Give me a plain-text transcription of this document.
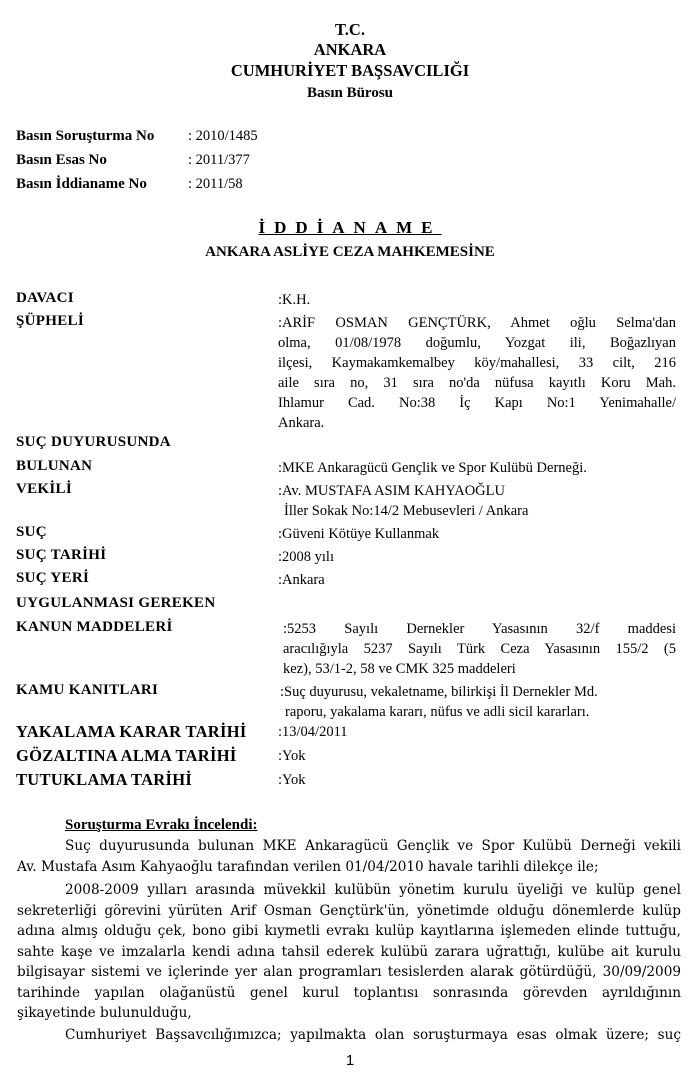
T.C.
ANKARA
CUMHURİYET BAŞSAVCILIĞI
Basın Bürosu
Basın Soruşturma No : 2010/1485
Basın Esas No	: 2011/377
Basın İddianame No	: 2011/58
İDDİANAME
ANKARA ASLİYE CEZA MAHKEMESİNE
DAVACI	:K.H.
ŞÜPHELİ	:ARİF OSMAN GENÇTÜRK, Ahmet oğlu Selma'dan
olma, 01/08/1978 doğumlu, Yozgat ili, Boğazlıyan
ilçesi, Kaymakamkemalbey köy/mahallesi, 33 cilt, 216
aile sıra no, 31 sıra no'da nüfusa kayıtlı Koru Mah.
Ihlamur Cad. No:38 İç Kapı No:1 Yenimahalle/
Ankara.
SUÇ DUYURUSUNDA
BULUNAN	:MKE Ankaragücü Gençlik ve Spor Kulübü Derneği.
VEKİLİ	:Av. MUSTAFA ASIM KAHYAOĞLU
İller Sokak No:14/2 Mebusevleri / Ankara
SUÇ	:Güveni Kötüye Kullanmak
SUÇ TARİHİ	:2008 yılı
SUÇ YERİ	:Ankara
UYGULANMASI GEREKEN
KANUN MADDELERİ	:5253 Sayılı Dernekler Yasasının 32/f maddesi
aracılığıyla 5237 Sayılı Türk Ceza Yasasının 155/2 (5
kez), 53/1-2, 58 ve CMK 325 maddeleri
KAMU KANITLARI	:Suç duyurusu, vekaletname, bilirkişi İl Dernekler Md.
raporu, yakalama kararı, nüfus ve adli sicil kararları.
YAKALAMA KARAR TARİHİ :13/04/2011
GÖZALTINA ALMA TARİHİ	:Yok
TUTUKLAMA TARİHİ	:Yok
Soruşturma Evrakı İncelendi:
Suç duyurusunda bulunan MKE Ankaragücü Gençlik ve Spor Kulübü Derneği vekili
Av. Mustafa Asım Kahyaoğlu tarafından verilen 01/04/2010 havale tarihli dilekçe ile;
2008-2009 yılları arasında müvekkil kulübün yönetim kurulu üyeliği ve kulüp genel
sekreterliği görevini yürüten Arif Osman Gençtürk'ün, yönetimde olduğu dönemlerde kulüp
adına almış olduğu çek, bono gibi kıymetli evrakı kulüp kayıtlarına işlemeden elinde tuttuğu,
sahte kaşe ve imzalarla kendi adına tahsil ederek kulübü zarara uğrattığı, kulübe ait kurulu
bilgisayar sistemi ve içlerinde yer alan programları tesislerden alarak götürdüğü, 30/09/2009
tarihinde yapılan olağanüstü genel kurul toplantısı sonrasında görevden ayrıldığının
şikayetinde bulunulduğu,
Cumhuriyet Başsavcılığımızca; yapılmakta olan soruşturmaya esas olmak üzere; suç
1
